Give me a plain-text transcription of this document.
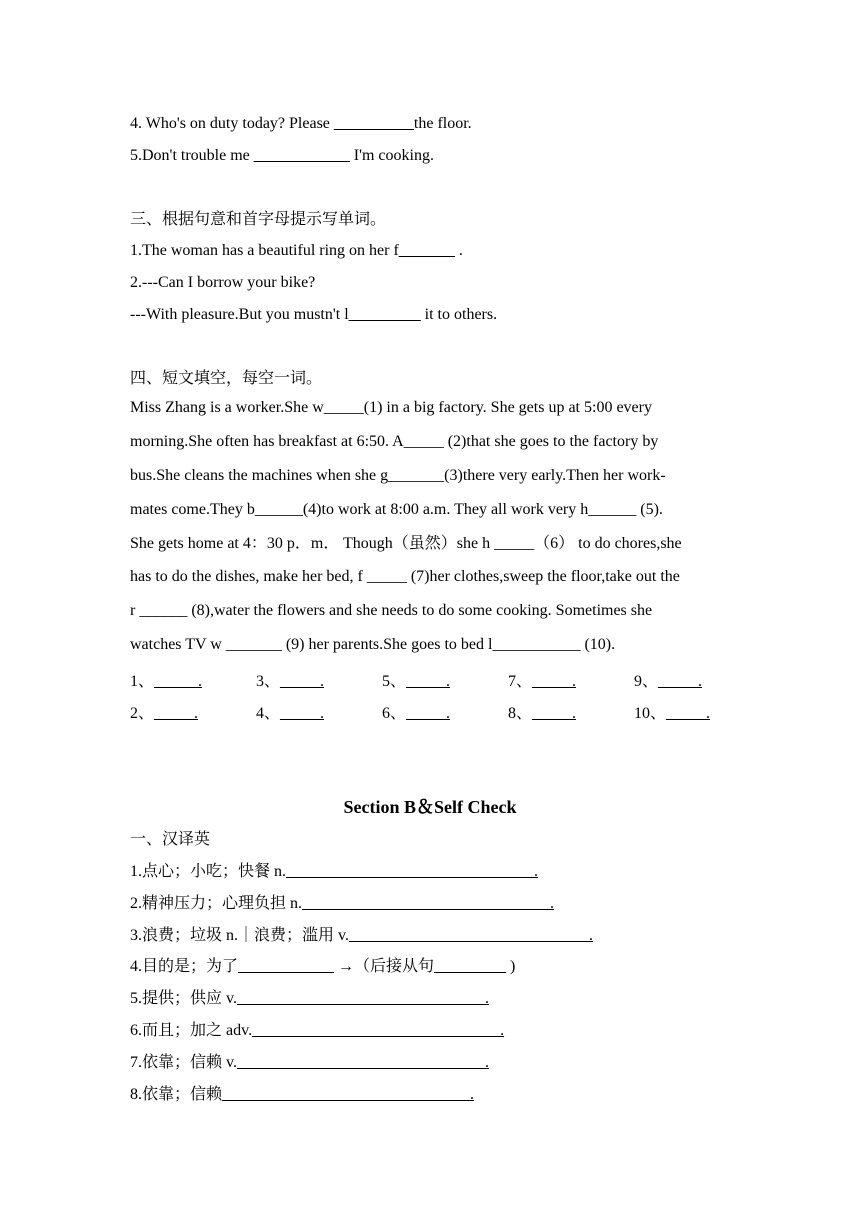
4. Who's on duty today? Please __________the floor.
5.Don't trouble me ____________ I'm cooking.
三、根据句意和首字母提示写单词。
1.The woman has a beautiful ring on her f_______ .
2.---Can I borrow your bike?
---With pleasure.But you mustn't l_________ it to others.
四、短文填空，每空一词。
Miss Zhang is a worker.She w_____(1) in a big factory. She gets up at 5:00 every
morning.She often has breakfast at 6:50. A_____ (2)that she goes to the factory by
bus.She cleans the machines when she g_______(3)there very early.Then her work-
mates come.They b______(4)to work at 8:00 a.m. They all work very h______ (5).
She gets home at 4：30 p．m． Though（虽然）she h _____（6） to do chores,she
has to do the dishes, make her bed, f _____ (7)her clothes,sweep the floor,take out the
r ______ (8),water the flowers and she needs to do some cooking. Sometimes she
watches TV w _______ (9) her parents.She goes to bed l___________ (10).
1、 _____.	3、_____.	5、_____.	7、_____.	9、_____.
2、_____.	4、_____.	6、_____.	8、_____.	10、_____.
Section B＆Self Check
一、汉译英
1.点心；小吃；快餐 n._______________________________.
2.精神压力；心理负担 n._______________________________.
3.浪费；垃圾 n.｜浪费；滥用 v.______________________________.
4.目的是；为了____________ →（后接从句_________ )
5.提供；供应 v._______________________________.
6.而且；加之 adv._______________________________.
7.依靠；信赖 v._______________________________.
8.依靠；信赖_______________________________.
